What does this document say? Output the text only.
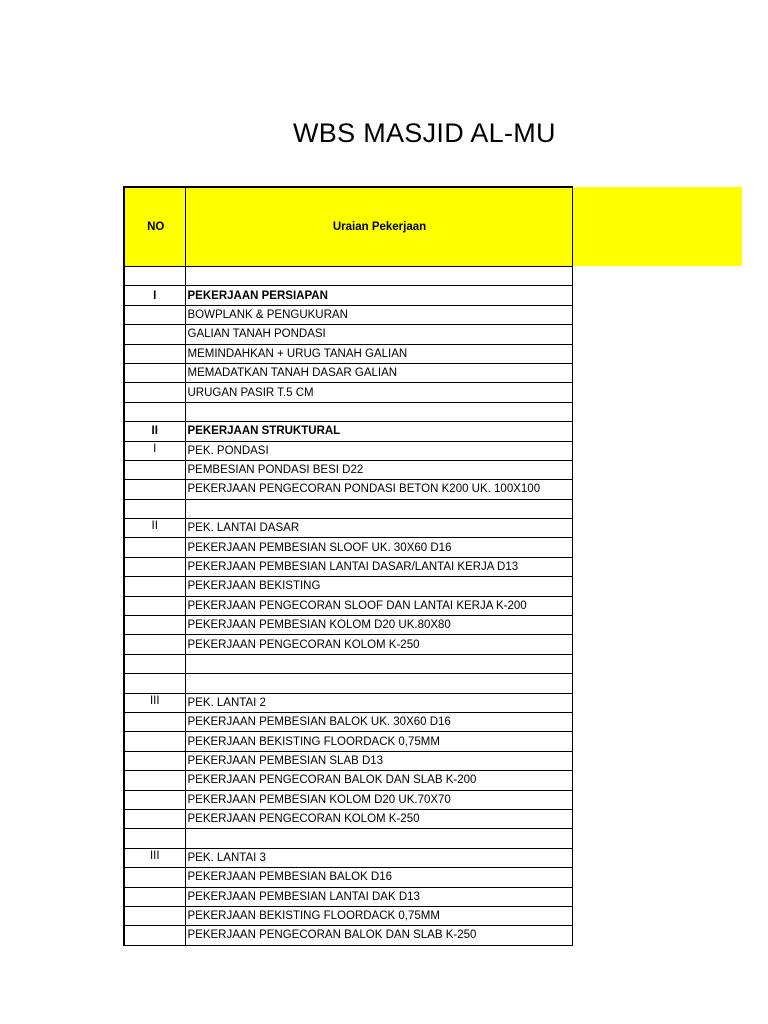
WBS MASJID AL-MU
NO	Uraian Pekerjaan

I	PEKERJAAN PERSIAPAN
	BOWPLANK & PENGUKURAN
	GALIAN TANAH PONDASI
	MEMINDAHKAN + URUG TANAH GALIAN
	MEMADATKAN TANAH DASAR GALIAN
	URUGAN PASIR T.5 CM

II	PEKERJAAN STRUKTURAL
I	PEK. PONDASI
	PEMBESIAN PONDASI BESI D22
	PEKERJAAN PENGECORAN PONDASI BETON K200 UK. 100X100

II	PEK. LANTAI DASAR
	PEKERJAAN PEMBESIAN SLOOF UK. 30X60 D16
	PEKERJAAN PEMBESIAN LANTAI DASAR/LANTAI KERJA D13
	PEKERJAAN BEKISTING
	PEKERJAAN PENGECORAN SLOOF DAN LANTAI KERJA K-200
	PEKERJAAN PEMBESIAN KOLOM D20 UK.80X80
	PEKERJAAN PENGECORAN KOLOM K-250

III	PEK. LANTAI 2
	PEKERJAAN PEMBESIAN BALOK UK. 30X60 D16
	PEKERJAAN BEKISTING FLOORDACK 0,75MM
	PEKERJAAN PEMBESIAN SLAB D13
	PEKERJAAN PENGECORAN BALOK DAN SLAB K-200
	PEKERJAAN PEMBESIAN KOLOM D20 UK.70X70
	PEKERJAAN PENGECORAN KOLOM K-250

III	PEK. LANTAI 3
	PEKERJAAN PEMBESIAN BALOK D16
	PEKERJAAN PEMBESIAN LANTAI DAK D13
	PEKERJAAN BEKISTING FLOORDACK 0,75MM
	PEKERJAAN PENGECORAN BALOK DAN SLAB K-250
